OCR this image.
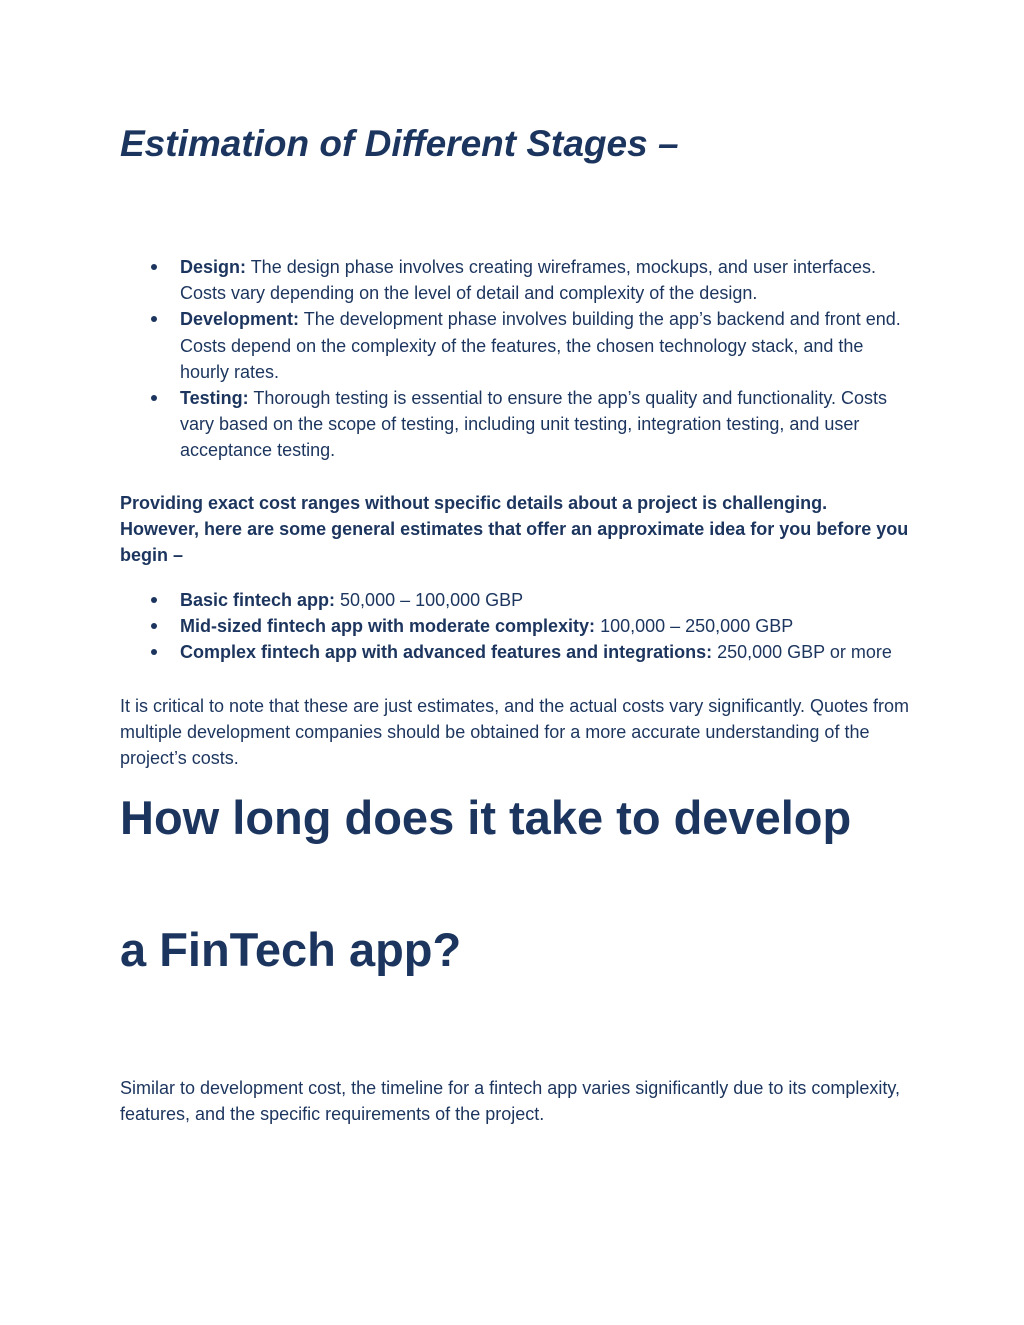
Estimation of Different Stages –
Design: The design phase involves creating wireframes, mockups, and user interfaces. Costs vary depending on the level of detail and complexity of the design.
Development: The development phase involves building the app’s backend and front end. Costs depend on the complexity of the features, the chosen technology stack, and the hourly rates.
Testing: Thorough testing is essential to ensure the app’s quality and functionality. Costs vary based on the scope of testing, including unit testing, integration testing, and user acceptance testing.

Providing exact cost ranges without specific details about a project is challenging. However, here are some general estimates that offer an approximate idea for you before you begin –

Basic fintech app: 50,000 – 100,000 GBP
Mid-sized fintech app with moderate complexity: 100,000 – 250,000 GBP
Complex fintech app with advanced features and integrations: 250,000 GBP or more

It is critical to note that these are just estimates, and the actual costs vary significantly. Quotes from multiple development companies should be obtained for a more accurate understanding of the project’s costs.

How long does it take to develop
a FinTech app?

Similar to development cost, the timeline for a fintech app varies significantly due to its complexity, features, and the specific requirements of the project.
